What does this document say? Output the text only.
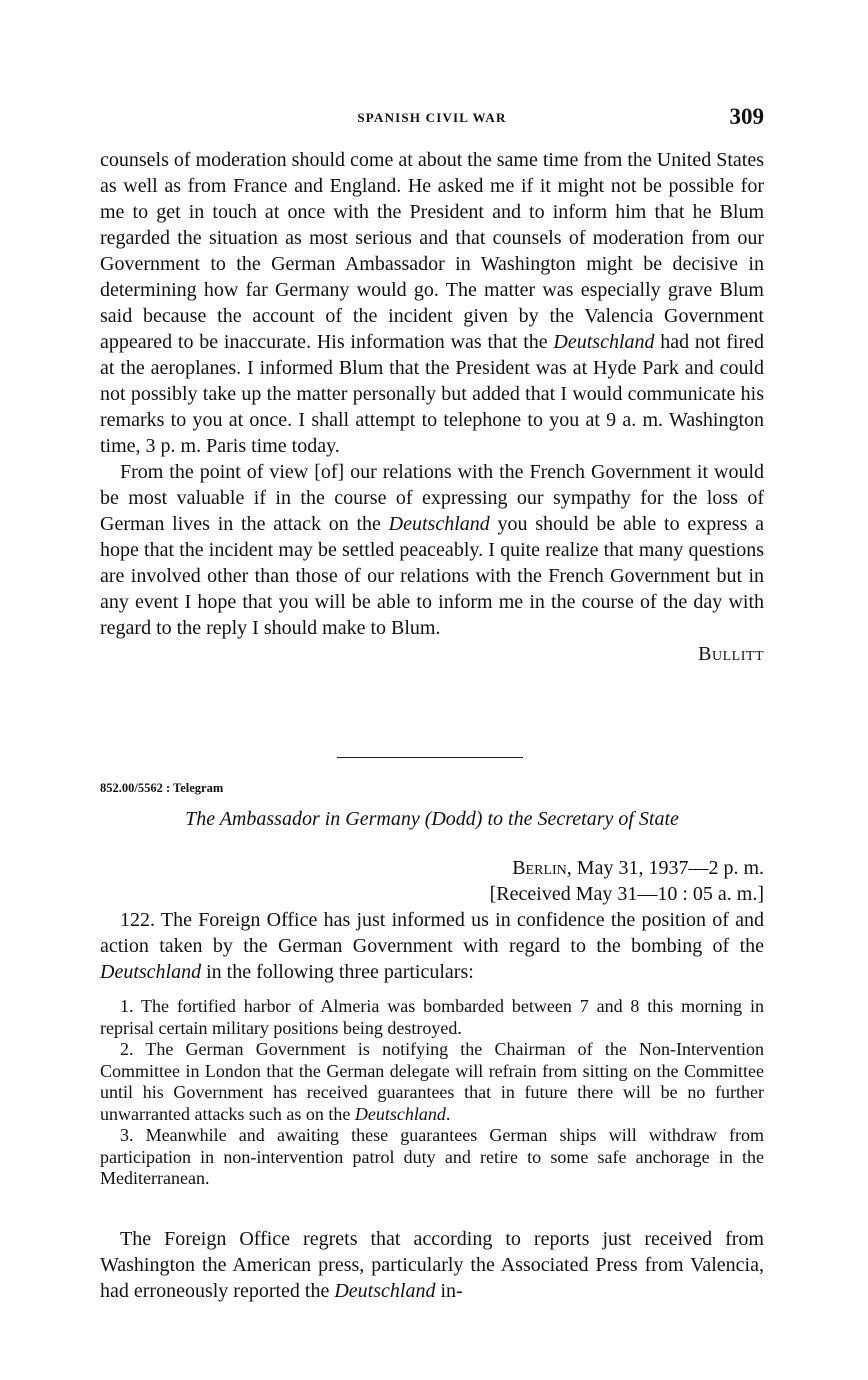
SPANISH CIVIL WAR	309

counsels of moderation should come at about the same time from the United States as well as from France and England. He asked me if it might not be possible for me to get in touch at once with the President and to inform him that he Blum regarded the situation as most serious and that counsels of moderation from our Government to the German Ambassador in Washington might be decisive in determining how far Germany would go. The matter was especially grave Blum said because the account of the incident given by the Valencia Government appeared to be inaccurate. His information was that the Deutschland had not fired at the aeroplanes. I informed Blum that the President was at Hyde Park and could not possibly take up the matter personally but added that I would communicate his remarks to you at once. I shall attempt to telephone to you at 9 a. m. Washington time, 3 p. m. Paris time today.

From the point of view [of] our relations with the French Government it would be most valuable if in the course of expressing our sympathy for the loss of German lives in the attack on the Deutschland you should be able to express a hope that the incident may be settled peaceably. I quite realize that many questions are involved other than those of our relations with the French Government but in any event I hope that you will be able to inform me in the course of the day with regard to the reply I should make to Blum.

Bullitt

852.00/5562 : Telegram
The Ambassador in Germany (Dodd) to the Secretary of State
Berlin, May 31, 1937—2 p. m.
[Received May 31—10 : 05 a. m.]

122. The Foreign Office has just informed us in confidence the position of and action taken by the German Government with regard to the bombing of the Deutschland in the following three particulars:

1. The fortified harbor of Almeria was bombarded between 7 and 8 this morning in reprisal certain military positions being destroyed.

2. The German Government is notifying the Chairman of the Non-Intervention Committee in London that the German delegate will refrain from sitting on the Committee until his Government has received guarantees that in future there will be no further unwarranted attacks such as on the Deutschland.

3. Meanwhile and awaiting these guarantees German ships will withdraw from participation in non-intervention patrol duty and retire to some safe anchorage in the Mediterranean.

The Foreign Office regrets that according to reports just received from Washington the American press, particularly the Associated Press from Valencia, had erroneously reported the Deutschland in-
